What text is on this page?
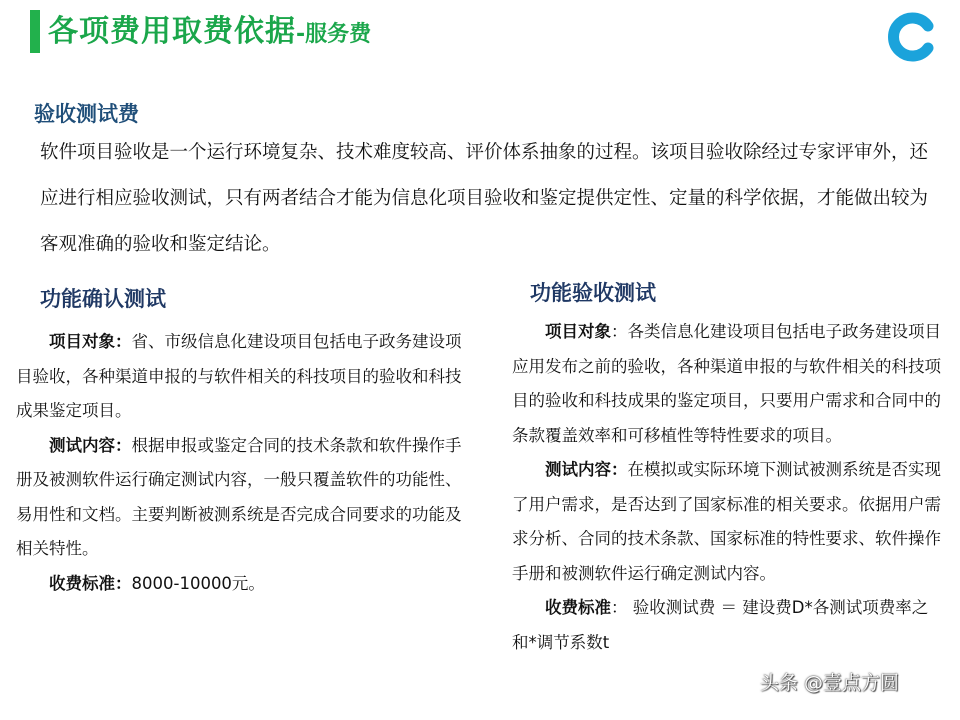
各项费用取费依据-服务费
验收测试费
软件项目验收是一个运行环境复杂、技术难度较高、评价体系抽象的过程。该项目验收除经过专家评审外，还应进行相应验收测试，只有两者结合才能为信息化项目验收和鉴定提供定性、定量的科学依据，才能做出较为客观准确的验收和鉴定结论。
功能确认测试

项目对象：省、市级信息化建设项目包括电子政务建设项目验收，各种渠道申报的与软件相关的科技项目的验收和科技成果鉴定项目。

测试内容：根据申报或鉴定合同的技术条款和软件操作手册及被测软件运行确定测试内容，一般只覆盖软件的功能性、易用性和文档。主要判断被测系统是否完成合同要求的功能及相关特性。

收费标准：8000-10000元。

功能验收测试

项目对象：各类信息化建设项目包括电子政务建设项目应用发布之前的验收，各种渠道申报的与软件相关的科技项目的验收和科技成果的鉴定项目，只要用户需求和合同中的条款覆盖效率和可移植性等特性要求的项目。

测试内容：在模拟或实际环境下测试被测系统是否实现了用户需求，是否达到了国家标准的相关要求。依据用户需求分析、合同的技术条款、国家标准的特性要求、软件操作手册和被测软件运行确定测试内容。

收费标准： 验收测试费 ＝ 建设费D*各测试项费率之和*调节系数t

头条 @壹点方圆
